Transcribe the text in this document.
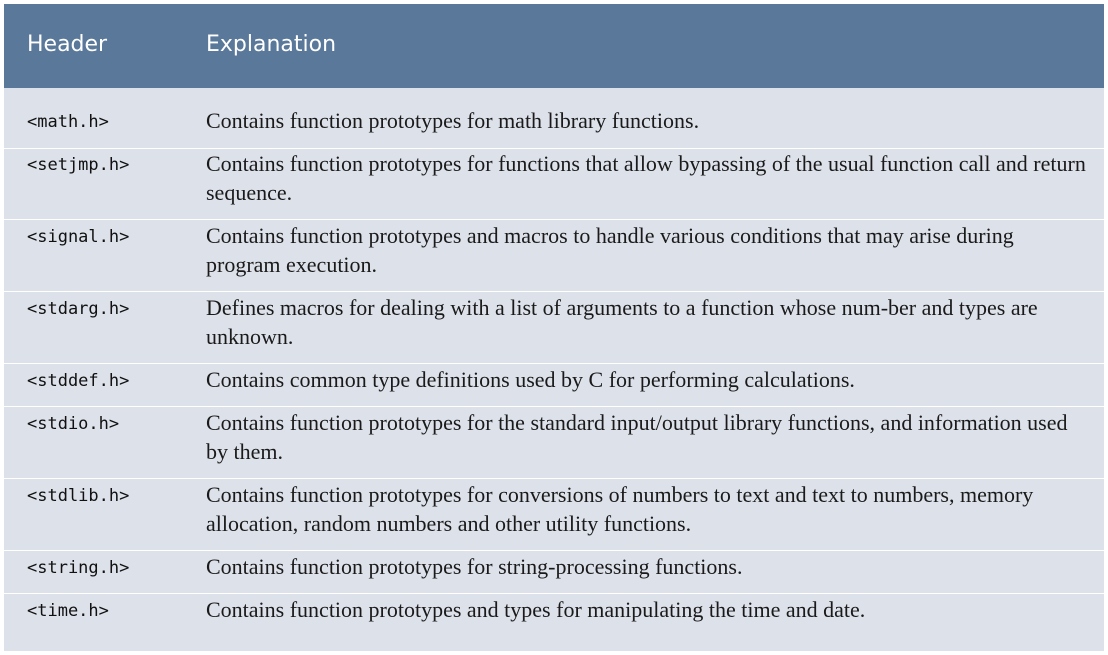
Header	Explanation
<math.h>	Contains function prototypes for math library functions.
<setjmp.h>	Contains function prototypes for functions that allow bypassing of the usual function call and return sequence.
<signal.h>	Contains function prototypes and macros to handle various conditions that may arise during program execution.
<stdarg.h>	Defines macros for dealing with a list of arguments to a function whose num-ber and types are unknown.
<stddef.h>	Contains common type definitions used by C for performing calculations.
<stdio.h>	Contains function prototypes for the standard input/output library functions, and information used by them.
<stdlib.h>	Contains function prototypes for conversions of numbers to text and text to numbers, memory allocation, random numbers and other utility functions.
<string.h>	Contains function prototypes for string-processing functions.
<time.h>	Contains function prototypes and types for manipulating the time and date.
